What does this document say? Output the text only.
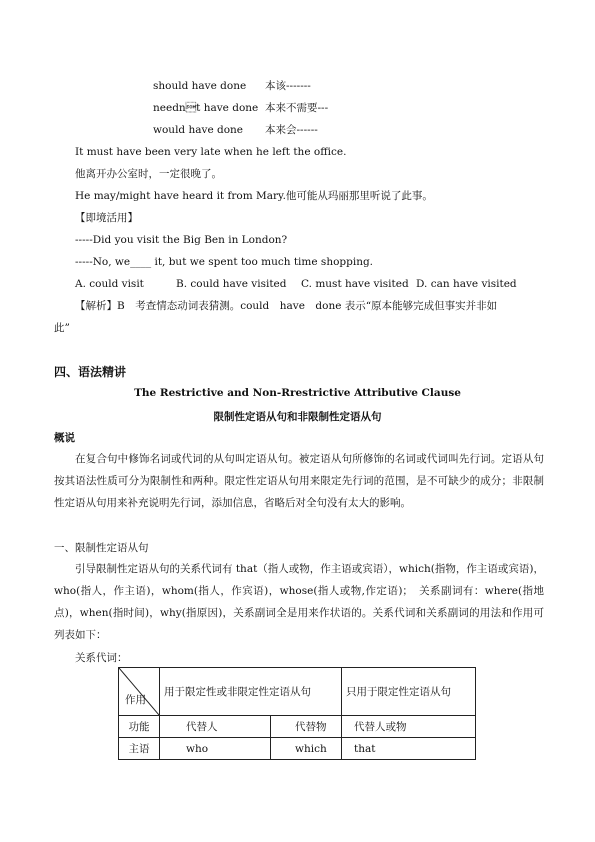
should have done 本该-------
neednt have done 本来不需要---
would have done 本来会------
It must have been very late when he left the office.
他离开办公室时，一定很晚了。
He may/might have heard it from Mary.他可能从玛丽那里听说了此事。
【即境活用】
-----Did you visit the Big Ben in London?
-----No, we____ it, but we spent too much time shopping.
A. could visit	B. could have visited C. must have visited D. can have visited
【解析】B　考查情态动词表猜测。could　have　done 表示“原本能够完成但事实并非如
此”
四、语法精讲
The Restrictive and Non-Rrestrictive Attributive Clause
限制性定语从句和非限制性定语从句
概说
在复合句中修饰名词或代词的从句叫定语从句。被定语从句所修饰的名词或代词叫先行词。定语从句按其语法性质可分为限制性和两种。限定性定语从句用来限定先行词的范围，是不可缺少的成分；非限制性定语从句用来补充说明先行词，添加信息，省略后对全句没有太大的影响。
一、限制性定语从句
引导限制性定语从句的关系代词有 that（指人或物，作主语或宾语），which(指物，作主语或宾语)，who(指人，作主语)，whom(指人，作宾语)，whose(指人或物,作定语)；　关系副词有：where(指地点)，when(指时间)，why(指原因)，关系副词全是用来作状语的。关系代词和关系副词的用法和作用可列表如下：
关系代词：
作用	用于限定性或非限定性定语从句		只用于限定性定语从句
功能	代替人	代替物	代替人或物
主语	who	which	that
